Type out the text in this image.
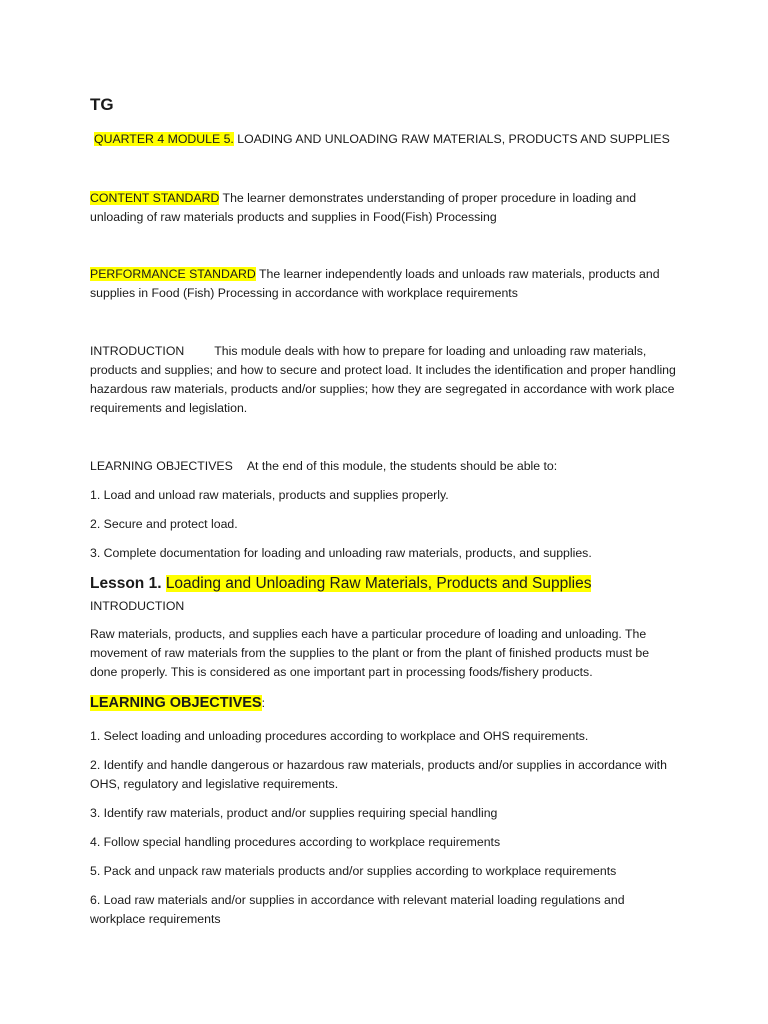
TG
QUARTER 4 MODULE 5. LOADING AND UNLOADING RAW MATERIALS, PRODUCTS AND SUPPLIES
CONTENT STANDARD The learner demonstrates understanding of proper procedure in loading and unloading of raw materials products and supplies in Food(Fish) Processing
PERFORMANCE STANDARD The learner independently loads and unloads raw materials, products and supplies in Food (Fish) Processing in accordance with workplace requirements
INTRODUCTION This module deals with how to prepare for loading and unloading raw materials, products and supplies; and how to secure and protect load. It includes the identification and proper handling hazardous raw materials, products and/or supplies; how they are segregated in accordance with work place requirements and legislation.
LEARNING OBJECTIVES At the end of this module, the students should be able to:
1. Load and unload raw materials, products and supplies properly.
2. Secure and protect load.
3. Complete documentation for loading and unloading raw materials, products, and supplies.
Lesson 1. Loading and Unloading Raw Materials, Products and Supplies
INTRODUCTION
Raw materials, products, and supplies each have a particular procedure of loading and unloading. The movement of raw materials from the supplies to the plant or from the plant of finished products must be done properly. This is considered as one important part in processing foods/fishery products.
LEARNING OBJECTIVES:
1. Select loading and unloading procedures according to workplace and OHS requirements.
2. Identify and handle dangerous or hazardous raw materials, products and/or supplies in accordance with OHS, regulatory and legislative requirements.
3. Identify raw materials, product and/or supplies requiring special handling
4. Follow special handling procedures according to workplace requirements
5. Pack and unpack raw materials products and/or supplies according to workplace requirements
6. Load raw materials and/or supplies in accordance with relevant material loading regulations and workplace requirements
